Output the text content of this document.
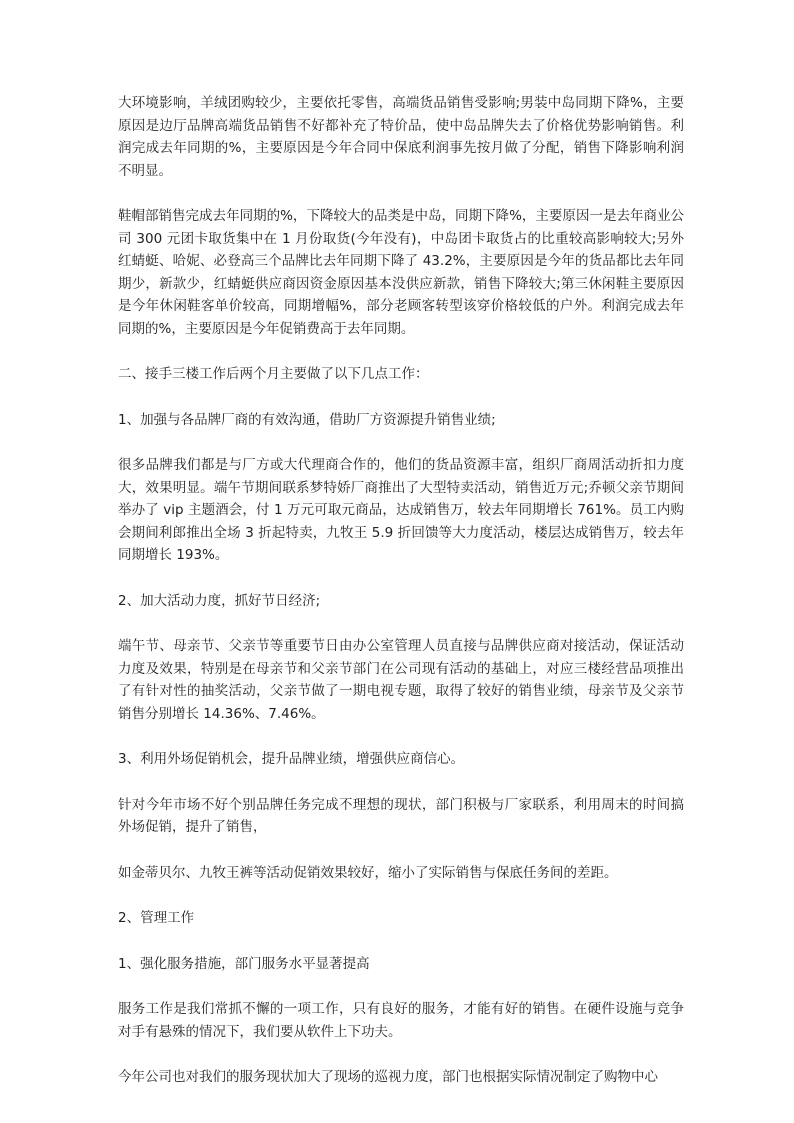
大环境影响，羊绒团购较少，主要依托零售，高端货品销售受影响;男装中岛同期下降%，主要原因是边厅品牌高端货品销售不好都补充了特价品，使中岛品牌失去了价格优势影响销售。利润完成去年同期的%，主要原因是今年合同中保底利润事先按月做了分配，销售下降影响利润不明显。

鞋帽部销售完成去年同期的%，下降较大的品类是中岛，同期下降%，主要原因一是去年商业公司 300 元团卡取货集中在 1 月份取货(今年没有)，中岛团卡取货占的比重较高影响较大;另外红蜻蜓、哈妮、必登高三个品牌比去年同期下降了 43.2%，主要原因是今年的货品都比去年同期少，新款少，红蜻蜓供应商因资金原因基本没供应新款，销售下降较大;第三休闲鞋主要原因是今年休闲鞋客单价较高，同期增幅%，部分老顾客转型该穿价格较低的户外。利润完成去年同期的%，主要原因是今年促销费高于去年同期。

二、接手三楼工作后两个月主要做了以下几点工作：

1、加强与各品牌厂商的有效沟通，借助厂方资源提升销售业绩;

很多品牌我们都是与厂方或大代理商合作的，他们的货品资源丰富，组织厂商周活动折扣力度大，效果明显。端午节期间联系梦特娇厂商推出了大型特卖活动，销售近万元;乔顿父亲节期间举办了 vip 主题酒会，付 1 万元可取元商品，达成销售万，较去年同期增长 761%。员工内购会期间利郎推出全场 3 折起特卖，九牧王 5.9 折回馈等大力度活动，楼层达成销售万，较去年同期增长 193%。

2、加大活动力度，抓好节日经济;

端午节、母亲节、父亲节等重要节日由办公室管理人员直接与品牌供应商对接活动，保证活动力度及效果，特别是在母亲节和父亲节部门在公司现有活动的基础上，对应三楼经营品项推出了有针对性的抽奖活动，父亲节做了一期电视专题，取得了较好的销售业绩，母亲节及父亲节销售分别增长 14.36%、7.46%。

3、利用外场促销机会，提升品牌业绩，增强供应商信心。

针对今年市场不好个别品牌任务完成不理想的现状，部门积极与厂家联系，利用周末的时间搞外场促销，提升了销售，

如金蒂贝尔、九牧王裤等活动促销效果较好，缩小了实际销售与保底任务间的差距。

2、管理工作

1、强化服务措施，部门服务水平显著提高

服务工作是我们常抓不懈的一项工作，只有良好的服务，才能有好的销售。在硬件设施与竞争对手有悬殊的情况下，我们要从软件上下功夫。

今年公司也对我们的服务现状加大了现场的巡视力度，部门也根据实际情况制定了购物中心
